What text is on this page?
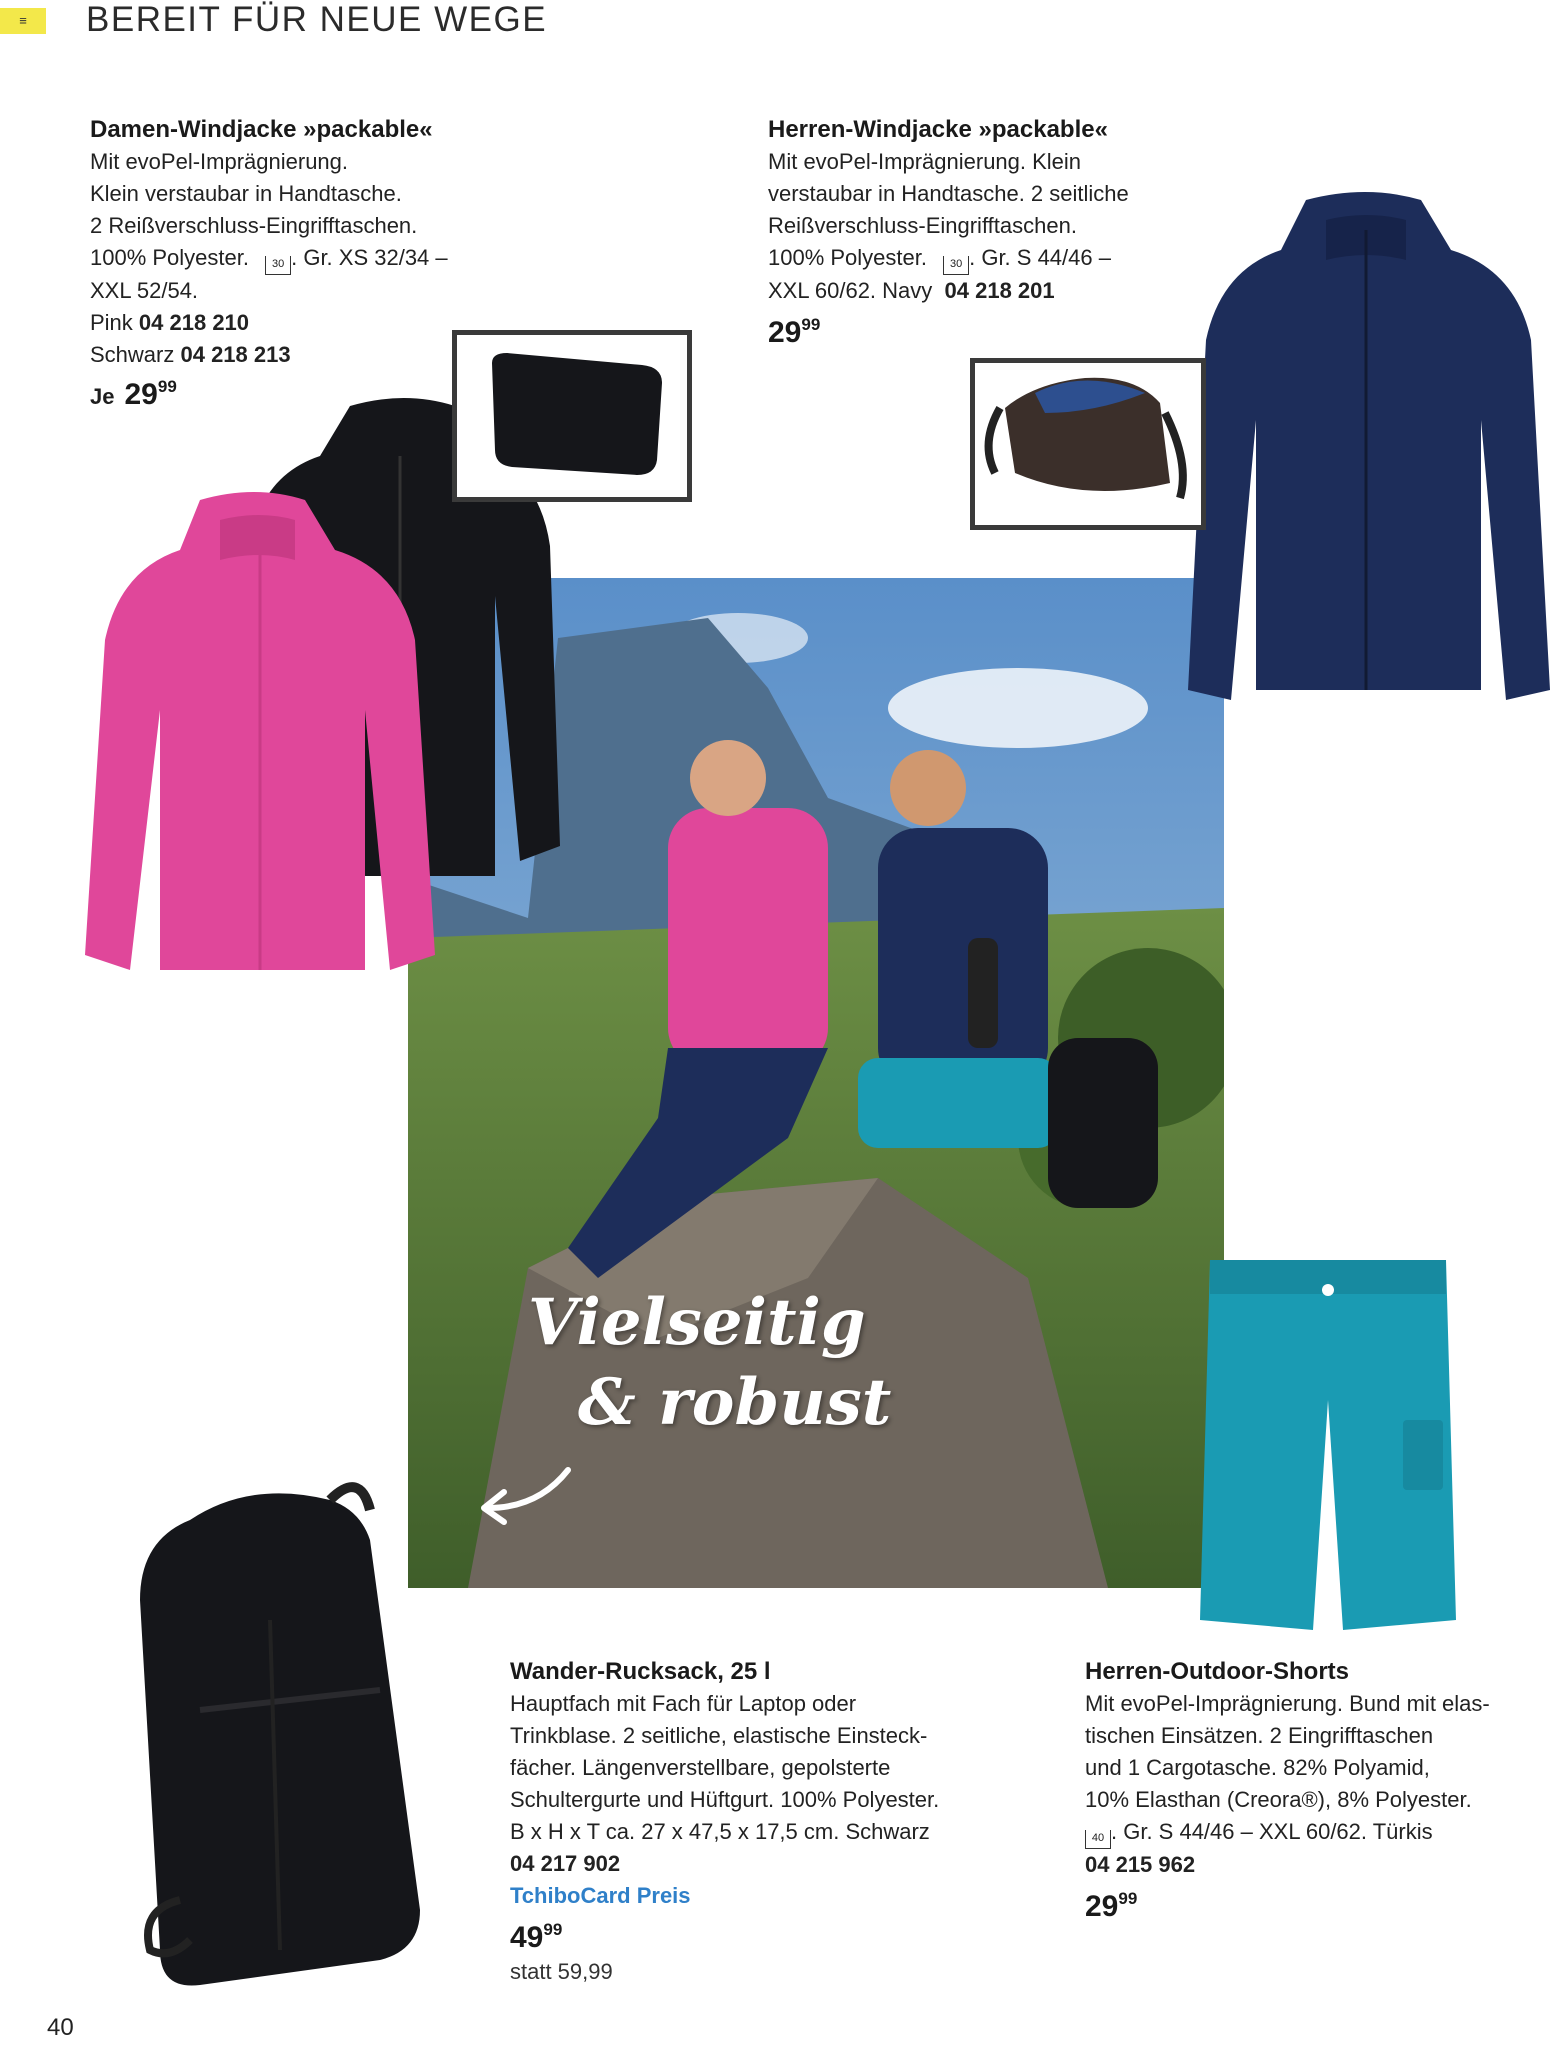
≡	BEREIT FÜR NEUE WEGE
Damen-Windjacke »packable«
Mit evoPel-Imprägnierung.
Klein verstaubar in Handtasche.
2 Reißverschluss-Eingrifftaschen.
100% Polyester. 30 . Gr. XS 32/34 –
XXL 52/54.
Pink 04 218 210
Schwarz 04 218 213
Je $29^{99}$
Herren-Windjacke »packable«
Mit evoPel-Imprägnierung. Klein
verstaubar in Handtasche. 2 seitliche
Reißverschluss-Eingrifftaschen.
100% Polyester. 30 . Gr. S 44/46 –
XXL 60/62. Navy 04 218 201
$29^{99}$
Vielseitig
& robust
Wander-Rucksack, 25 l
Hauptfach mit Fach für Laptop oder
Trinkblase. 2 seitliche, elastische Einsteck-
fächer. Längenverstellbare, gepolsterte
Schultergurte und Hüftgurt. 100% Polyester.
B x H x T ca. 27 x 47,5 x 17,5 cm. Schwarz
04 217 902
TchiboCard Preis
$49^{99}$
statt 59,99
Herren-Outdoor-Shorts
Mit evoPel-Imprägnierung. Bund mit elas-
tischen Einsätzen. 2 Eingrifftaschen
und 1 Cargotasche. 82% Polyamid,
10% Elasthan (Creora®), 8% Polyester.
40 . Gr. S 44/46 – XXL 60/62. Türkis
04 215 962
$29^{99}$
40
